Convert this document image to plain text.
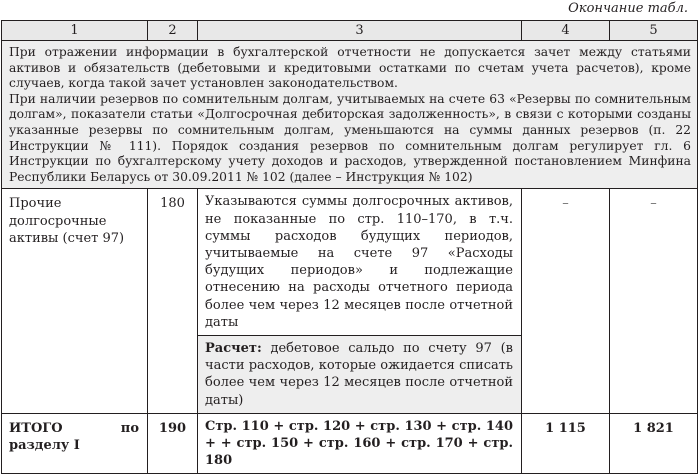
Окончание табл.
1	2	3	4	5

При отражении информации в бухгалтерской отчетности не допускается зачет между статьями активов и обязательств (дебетовыми и кредитовыми остатками по счетам учета расчетов), кроме случаев, когда такой зачет установлен законодательством.

При наличии резервов по сомнительным долгам, учитываемых на счете 63 «Резервы по сомнительным долгам», показатели статьи «Долгосрочная дебиторская задолженность», в связи с которыми созданы указанные резервы по сомнительным долгам, уменьшаются на суммы данных резервов (п. 22 Инструкции № 111). Порядок создания резервов по сомнительным долгам регулирует гл. 6 Инструкции по бухгалтерскому учету доходов и расходов, утвержденной постановлением Минфина Республики Беларусь от 30.09.2011 № 102 (далее – Инструкция № 102)				

Прочие долгосрочные активы (счет 97)	180	Указываются суммы долгосрочных активов, не показанные по стр. 110–170, в т.ч. суммы расходов будущих периодов, учитываемые на счете 97 «Расходы будущих периодов» и подлежащие отнесению на расходы отчетного периода более чем через 12 месяцев после отчетной даты	–	–
		Расчет: дебетовое сальдо по счету 97 (в части расходов, которые ожидается списать более чем через 12 месяцев после отчетной даты)		
ИТОГО по разделу I	190	Стр. 110 + стр. 120 + стр. 130 + стр. 140 + + стр. 150 + стр. 160 + стр. 170 + стр. 180	1 115	1 821
